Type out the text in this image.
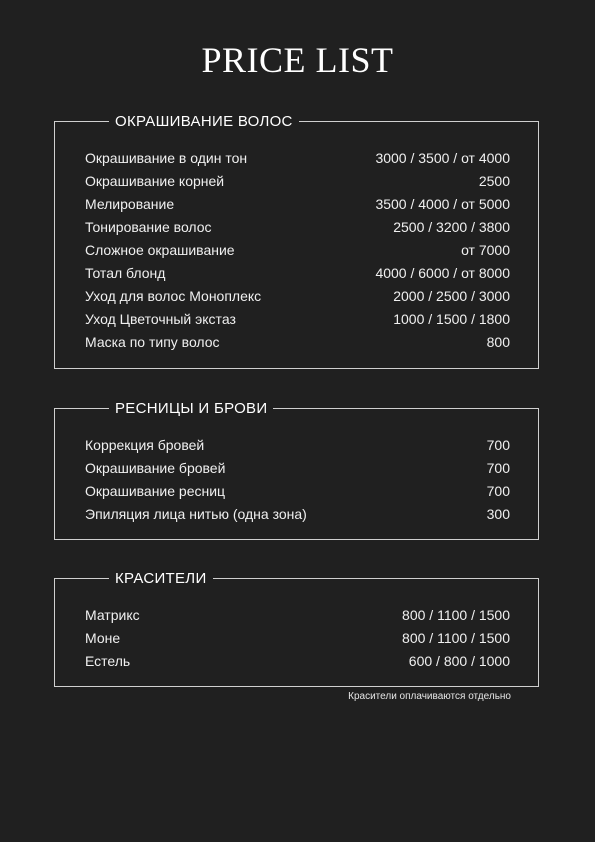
PRICE LIST
ОКРАШИВАНИЕ ВОЛОС
Окрашивание в один тон	3000 / 3500 / от 4000
Окрашивание корней	2500
Мелирование	3500 / 4000 / от 5000
Тонирование волос	2500 / 3200 / 3800
Сложное окрашивание	от 7000
Тотал блонд	4000 / 6000 / от 8000
Уход для волос Моноплекс	2000 / 2500 / 3000
Уход Цветочный экстаз	1000 / 1500 / 1800
Маска по типу волос	800
РЕСНИЦЫ И БРОВИ
Коррекция бровей	700
Окрашивание бровей	700
Окрашивание ресниц	700
Эпиляция лица нитью (одна зона)	300
КРАСИТЕЛИ
Матрикс	800 / 1100 / 1500
Моне	800 / 1100 / 1500
Естель	600 / 800 / 1000
Красители оплачиваются отдельно
